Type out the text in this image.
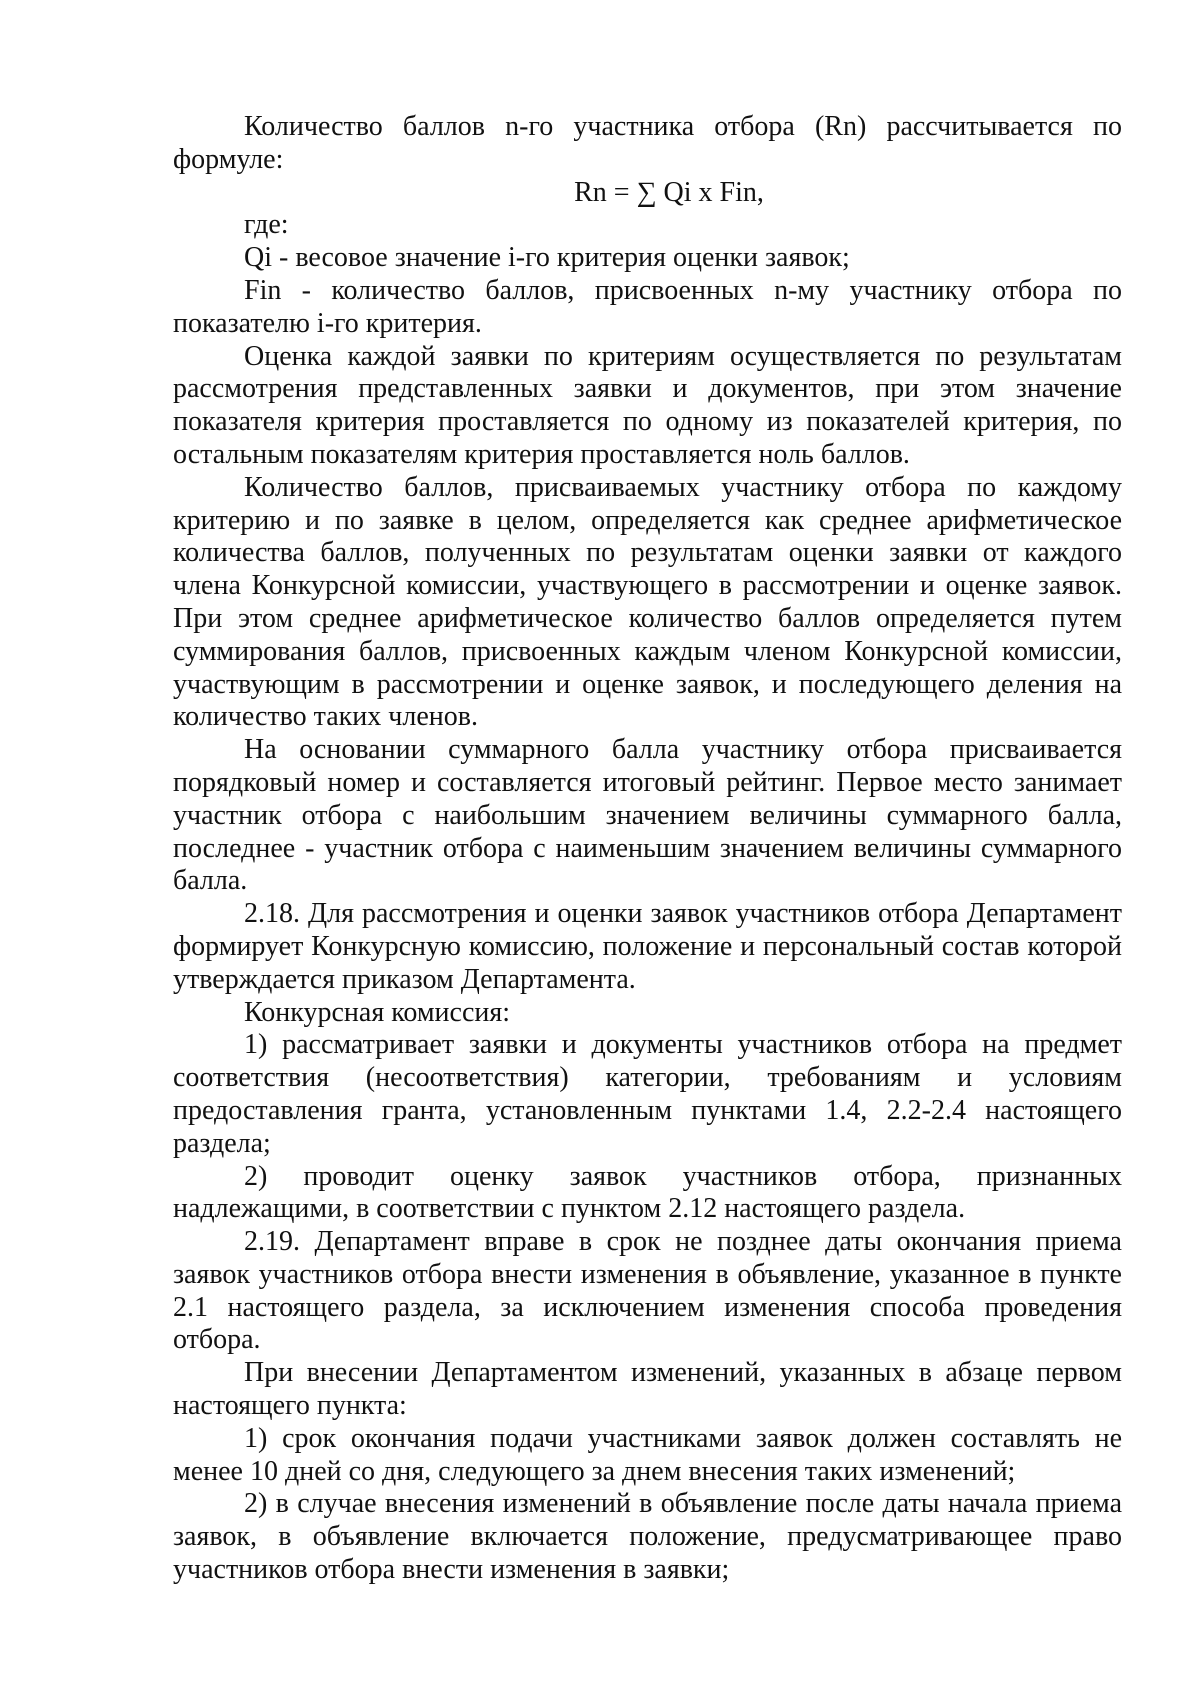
Количество баллов n-го участника отбора (Rn) рассчитывается по формуле:

Rn = ∑ Qi х Fin,

где:

Qi - весовое значение i-го критерия оценки заявок;

Fin - количество баллов, присвоенных n-му участнику отбора по показателю i-го критерия.

Оценка каждой заявки по критериям осуществляется по результатам рассмотрения представленных заявки и документов, при этом значение показателя критерия проставляется по одному из показателей критерия, по остальным показателям критерия проставляется ноль баллов.

Количество баллов, присваиваемых участнику отбора по каждому критерию и по заявке в целом, определяется как среднее арифметическое количества баллов, полученных по результатам оценки заявки от каждого члена Конкурсной комиссии, участвующего в рассмотрении и оценке заявок. При этом среднее арифметическое количество баллов определяется путем суммирования баллов, присвоенных каждым членом Конкурсной комиссии, участвующим в рассмотрении и оценке заявок, и последующего деления на количество таких членов.

На основании суммарного балла участнику отбора присваивается порядковый номер и составляется итоговый рейтинг. Первое место занимает участник отбора с наибольшим значением величины суммарного балла, последнее - участник отбора с наименьшим значением величины суммарного балла.

2.18. Для рассмотрения и оценки заявок участников отбора Департамент формирует Конкурсную комиссию, положение и персональный состав которой утверждается приказом Департамента.

Конкурсная комиссия:

1) рассматривает заявки и документы участников отбора на предмет соответствия (несоответствия) категории, требованиям и условиям предоставления гранта, установленным пунктами 1.4, 2.2-2.4 настоящего раздела;

2) проводит оценку заявок участников отбора, признанных надлежащими, в соответствии с пунктом 2.12 настоящего раздела.

2.19. Департамент вправе в срок не позднее даты окончания приема заявок участников отбора внести изменения в объявление, указанное в пункте 2.1 настоящего раздела, за исключением изменения способа проведения отбора.

При внесении Департаментом изменений, указанных в абзаце первом настоящего пункта:

1) срок окончания подачи участниками заявок должен составлять не менее 10 дней со дня, следующего за днем внесения таких изменений;

2) в случае внесения изменений в объявление после даты начала приема заявок, в объявление включается положение, предусматривающее право участников отбора внести изменения в заявки;
